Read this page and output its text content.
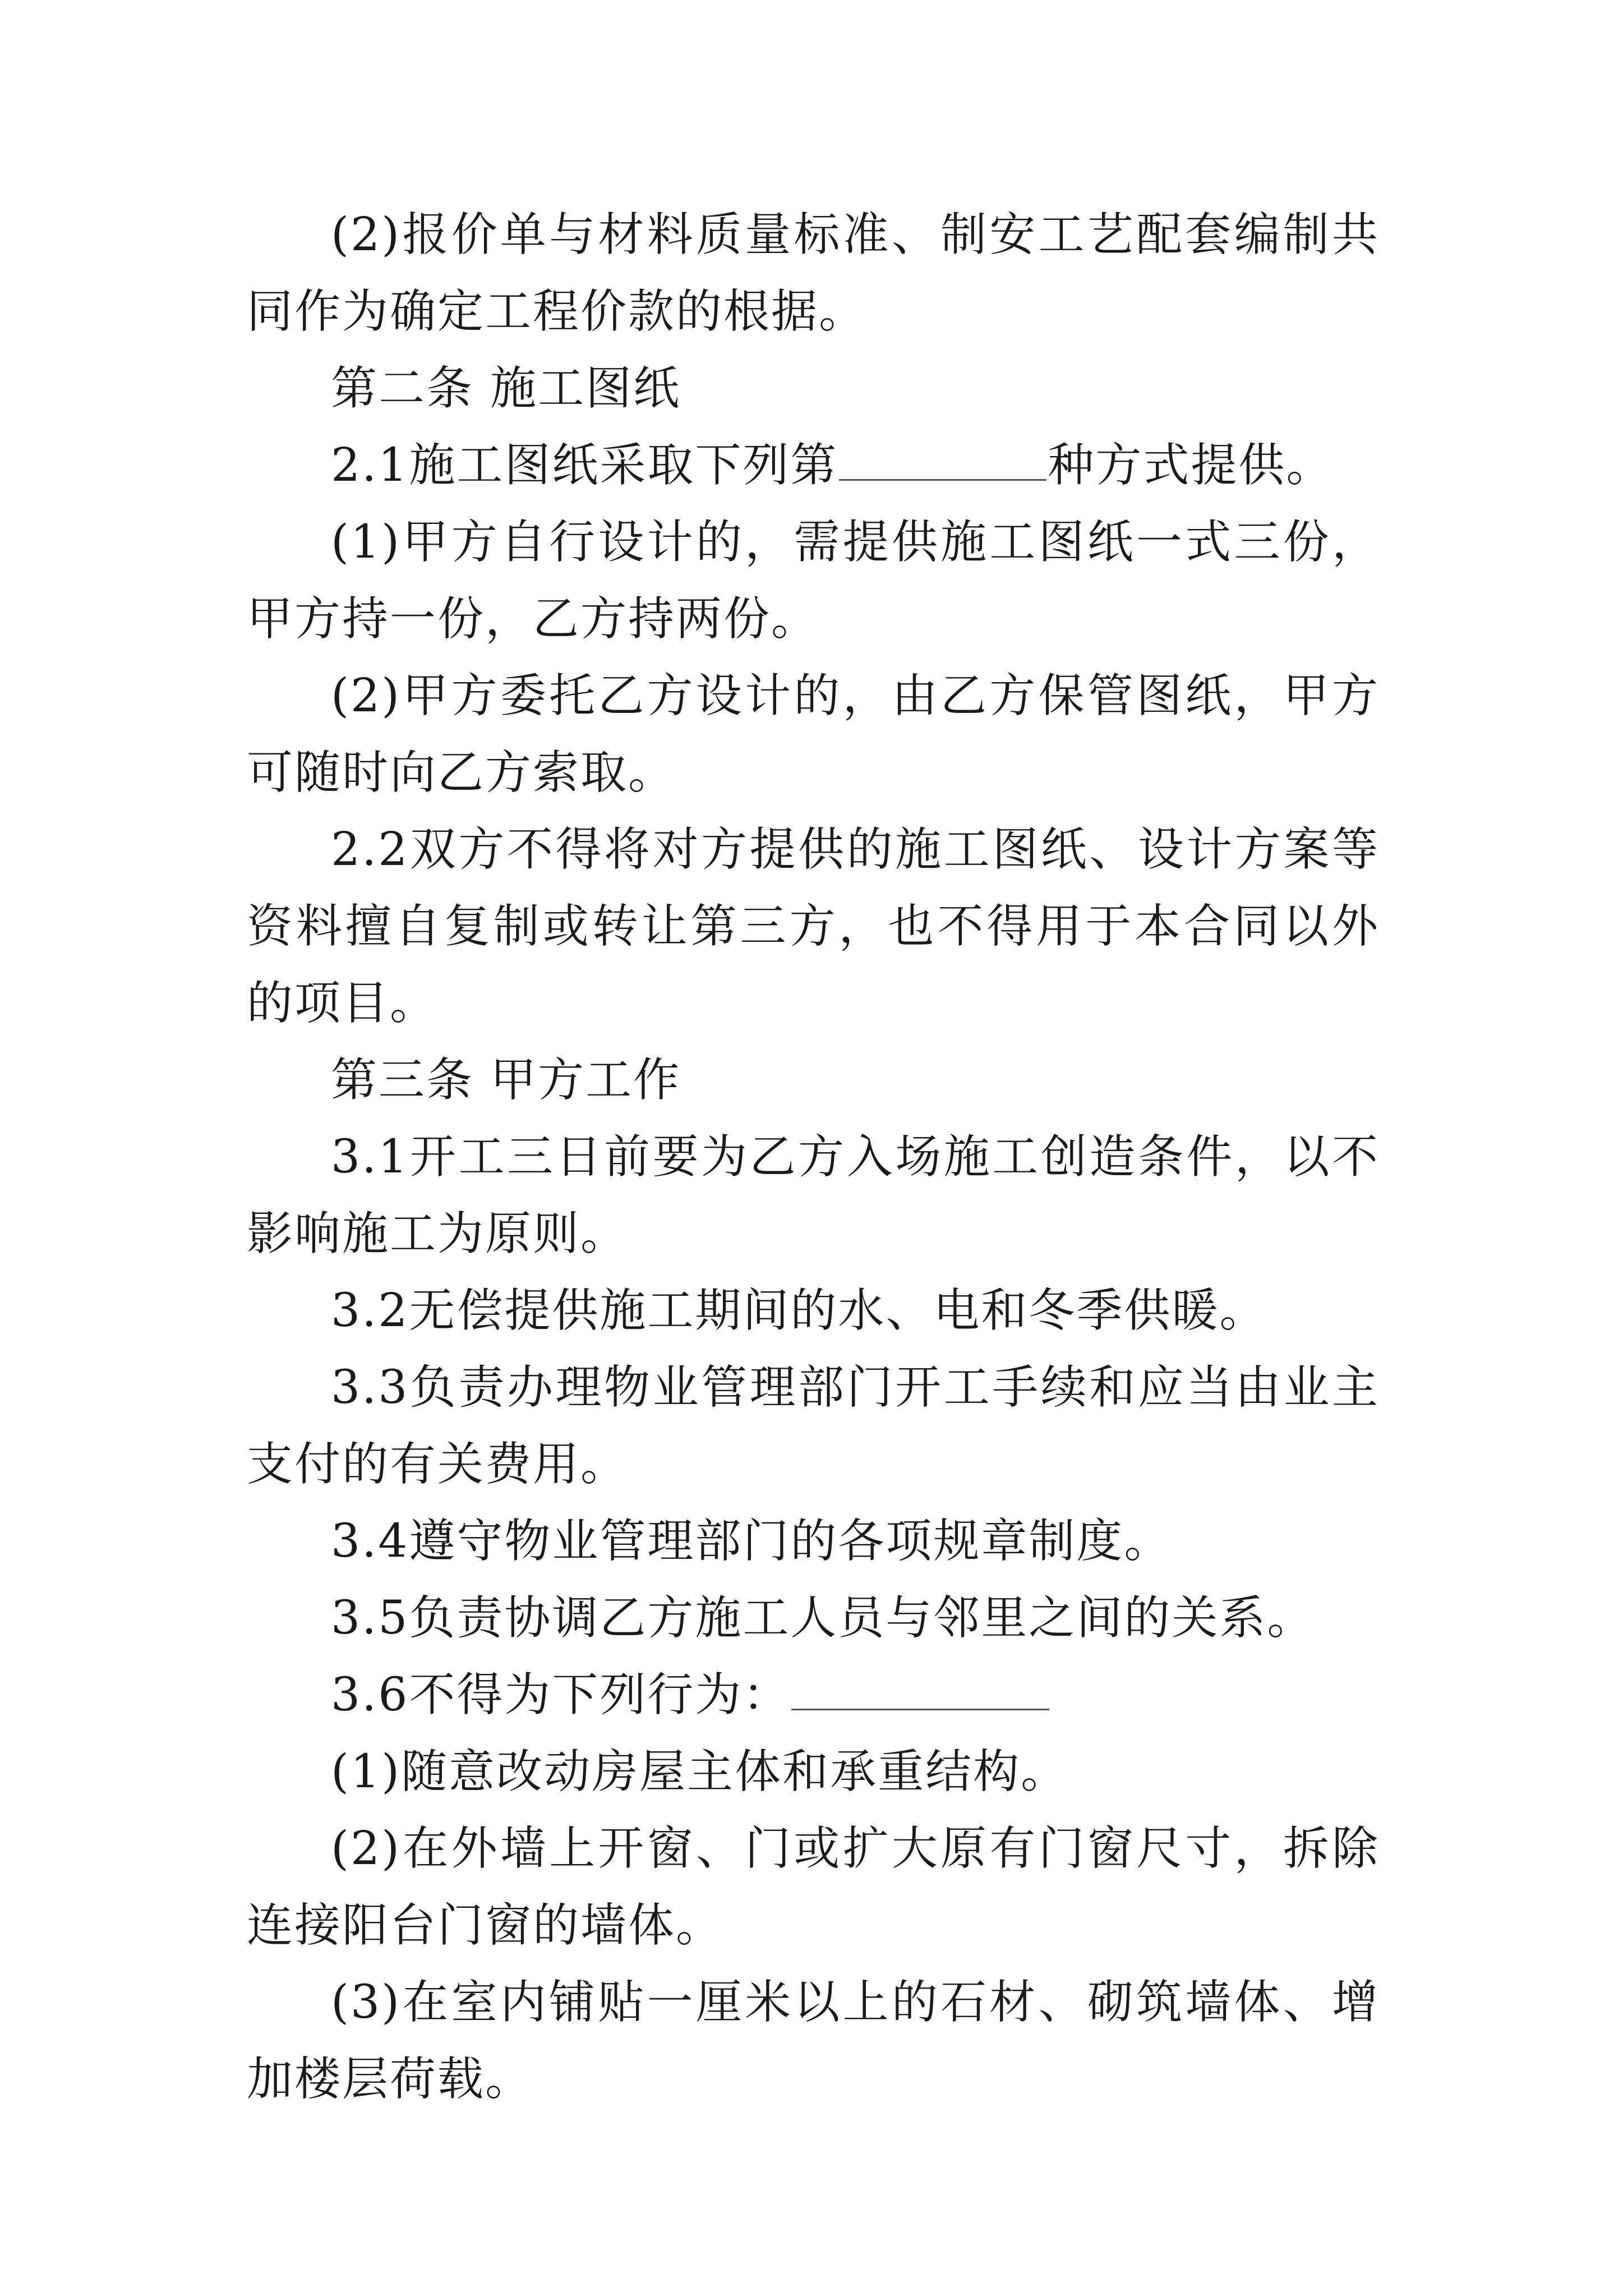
(2)报价单与材料质量标准、制安工艺配套编制共同作为确定工程价款的根据。

第二条 施工图纸

2.1施工图纸采取下列第	种方式提供。

(1)甲方自行设计的，需提供施工图纸一式三份，甲方持一份，乙方持两份。

(2)甲方委托乙方设计的，由乙方保管图纸，甲方可随时向乙方索取。

2.2双方不得将对方提供的施工图纸、设计方案等资料擅自复制或转让第三方，也不得用于本合同以外的项目。

第三条 甲方工作

3.1开工三日前要为乙方入场施工创造条件，以不影响施工为原则。

3.2无偿提供施工期间的水、电和冬季供暖。

3.3负责办理物业管理部门开工手续和应当由业主支付的有关费用。

3.4遵守物业管理部门的各项规章制度。

3.5负责协调乙方施工人员与邻里之间的关系。

3.6不得为下列行为：

(1)随意改动房屋主体和承重结构。

(2)在外墙上开窗、门或扩大原有门窗尺寸，拆除连接阳台门窗的墙体。

(3)在室内铺贴一厘米以上的石材、砌筑墙体、增加楼层荷载。
